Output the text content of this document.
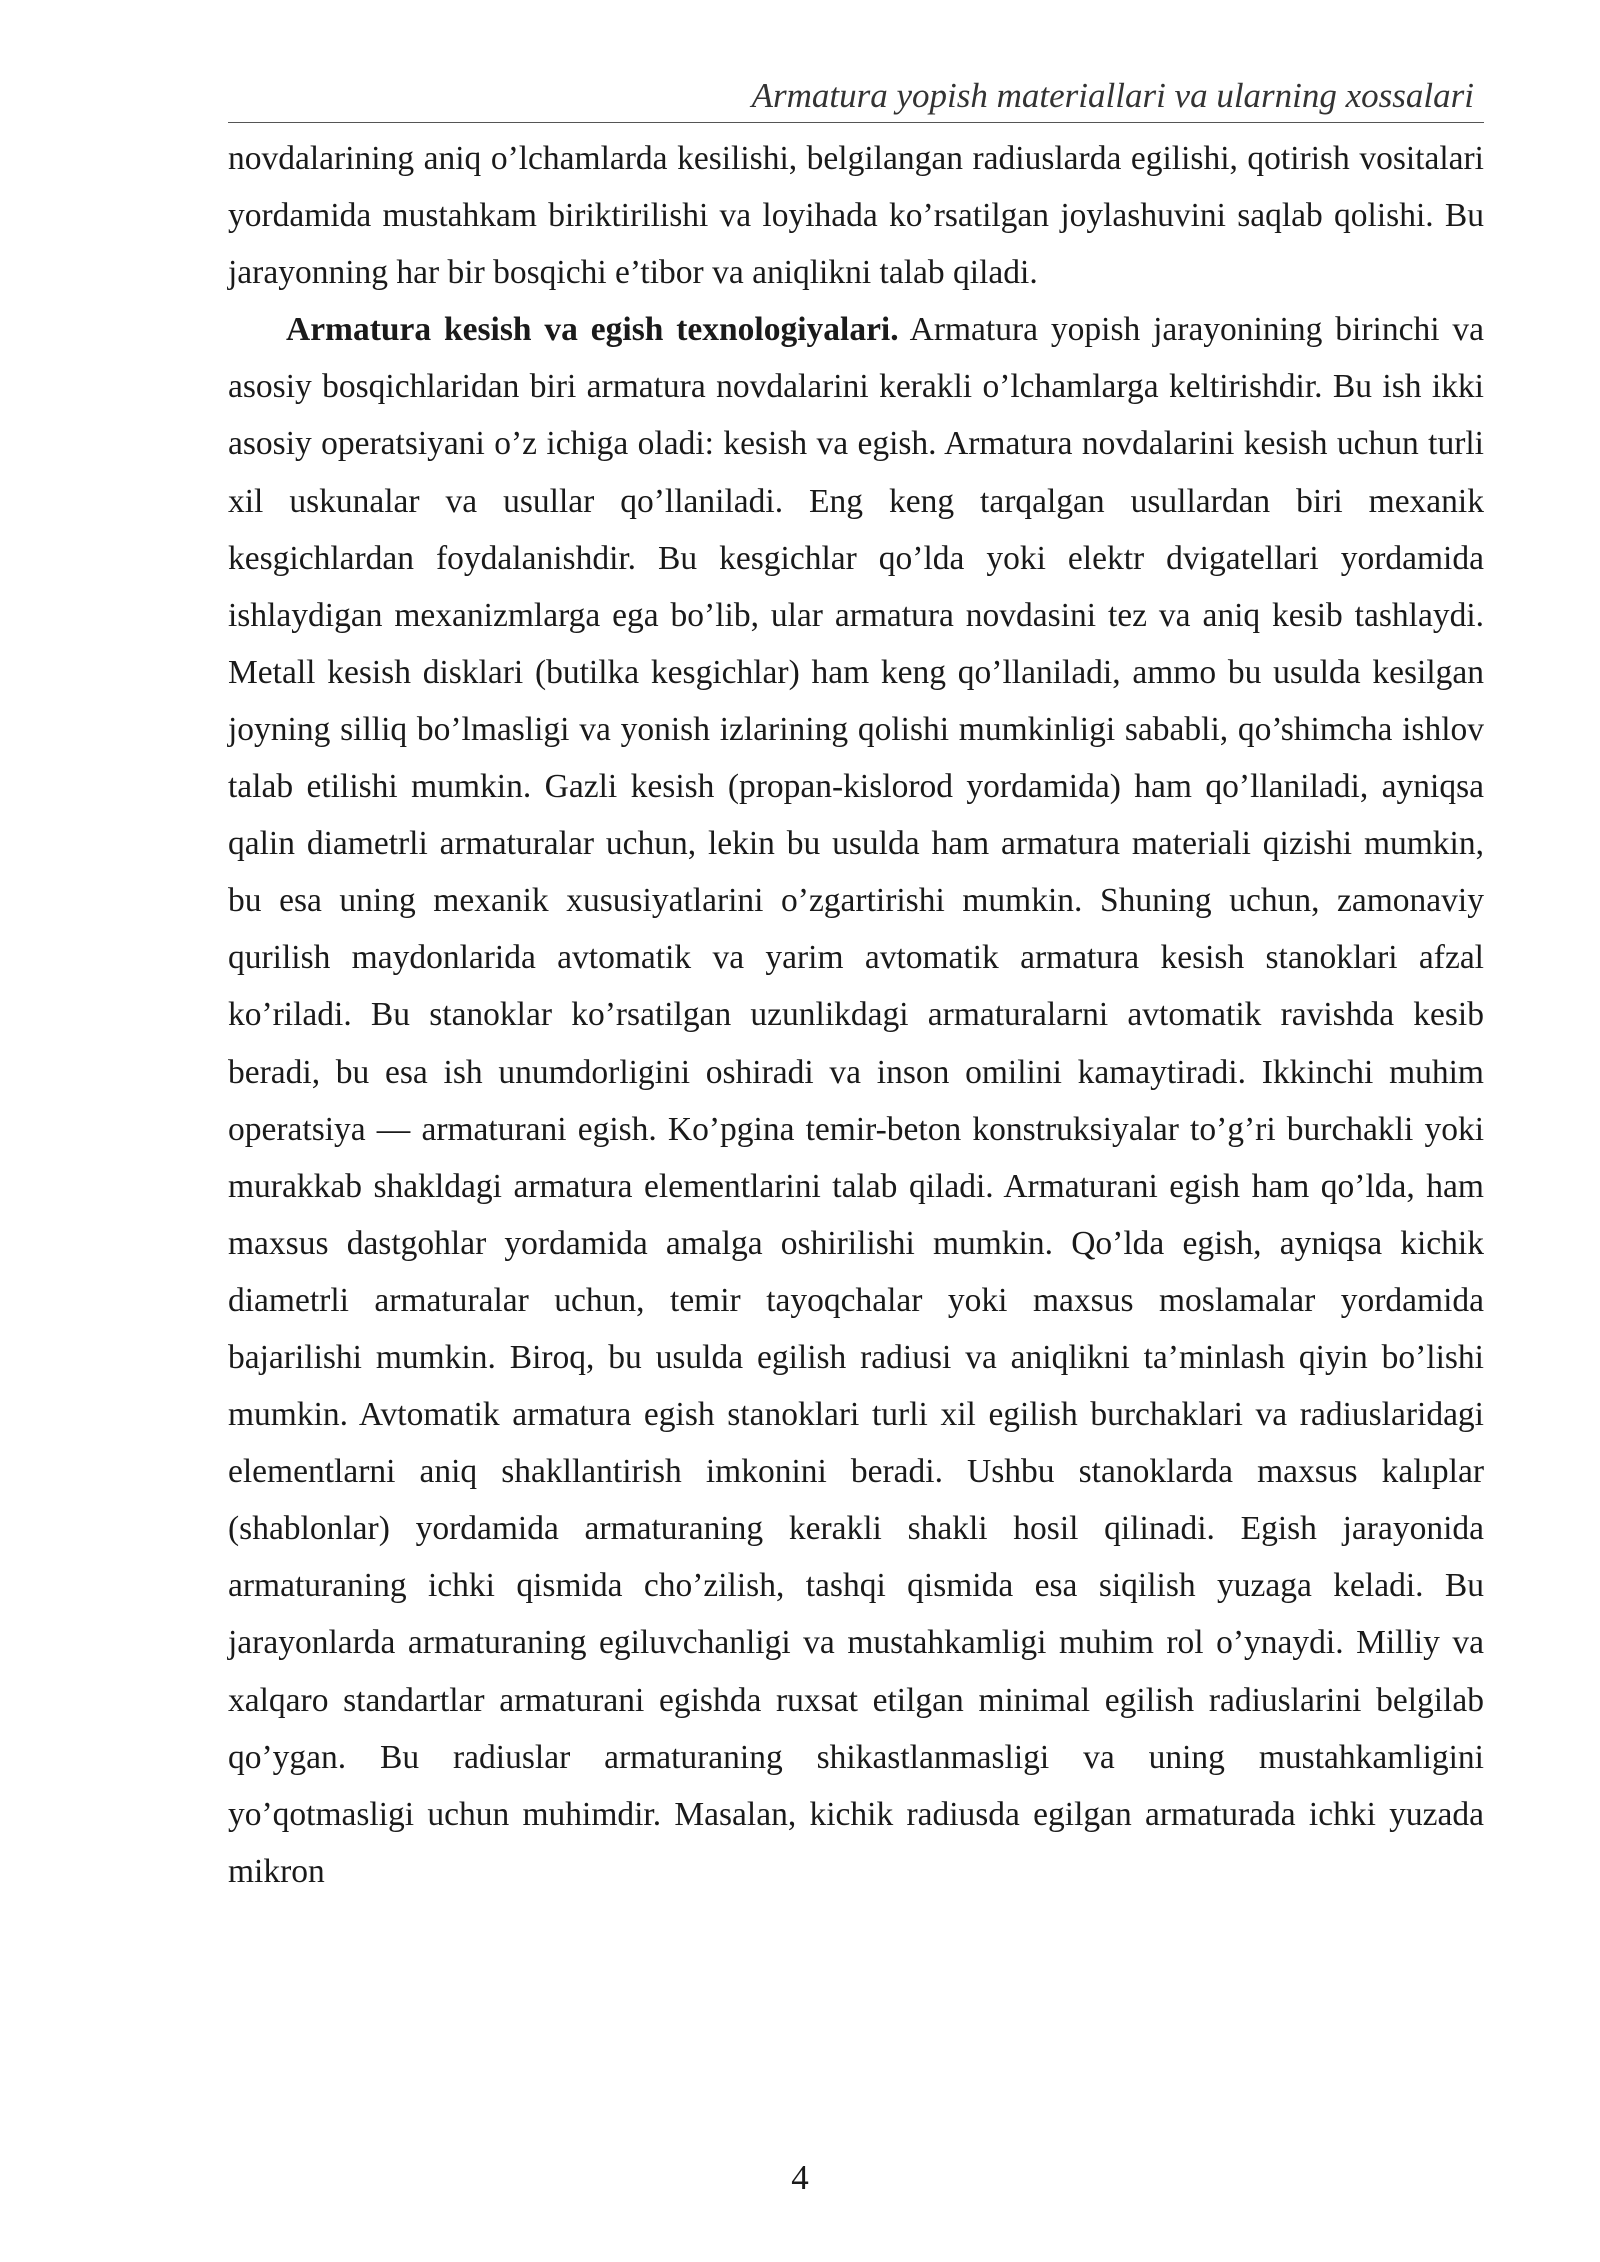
Armatura yopish materiallari va ularning xossalari

novdalarining aniq o’lchamlarda kesilishi, belgilangan radiuslarda egilishi, qotirish vositalari yordamida mustahkam biriktirilishi va loyihada ko’rsatilgan joylashuvini saqlab qolishi. Bu jarayonning har bir bosqichi e’tibor va aniqlikni talab qiladi.

Armatura kesish va egish texnologiyalari. Armatura yopish jarayonining birinchi va asosiy bosqichlaridan biri armatura novdalarini kerakli o’lchamlarga keltirishdir. Bu ish ikki asosiy operatsiyani o’z ichiga oladi: kesish va egish. Armatura novdalarini kesish uchun turli xil uskunalar va usullar qo’llaniladi. Eng keng tarqalgan usullardan biri mexanik kesgichlardan foydalanishdir. Bu kesgichlar qo’lda yoki elektr dvigatellari yordamida ishlaydigan mexanizmlarga ega bo’lib, ular armatura novdasini tez va aniq kesib tashlaydi. Metall kesish disklari (butilka kesgichlar) ham keng qo’llaniladi, ammo bu usulda kesilgan joyning silliq bo’lmasligi va yonish izlarining qolishi mumkinligi sababli, qo’shimcha ishlov talab etilishi mumkin. Gazli kesish (propan-kislorod yordamida) ham qo’llaniladi, ayniqsa qalin diametrli armaturalar uchun, lekin bu usulda ham armatura materiali qizishi mumkin, bu esa uning mexanik xususiyatlarini o’zgartirishi mumkin. Shuning uchun, zamonaviy qurilish maydonlarida avtomatik va yarim avtomatik armatura kesish stanoklari afzal ko’riladi. Bu stanoklar ko’rsatilgan uzunlikdagi armaturalarni avtomatik ravishda kesib beradi, bu esa ish unumdorligini oshiradi va inson omilini kamaytiradi. Ikkinchi muhim operatsiya — armaturani egish. Ko’pgina temir-beton konstruksiyalar to’g’ri burchakli yoki murakkab shakldagi armatura elementlarini talab qiladi. Armaturani egish ham qo’lda, ham maxsus dastgohlar yordamida amalga oshirilishi mumkin. Qo’lda egish, ayniqsa kichik diametrli armaturalar uchun, temir tayoqchalar yoki maxsus moslamalar yordamida bajarilishi mumkin. Biroq, bu usulda egilish radiusi va aniqlikni ta’minlash qiyin bo’lishi mumkin. Avtomatik armatura egish stanoklari turli xil egilish burchaklari va radiuslaridagi elementlarni aniq shakllantirish imkonini beradi. Ushbu stanoklarda maxsus kalıplar (shablonlar) yordamida armaturaning kerakli shakli hosil qilinadi. Egish jarayonida armaturaning ichki qismida cho’zilish, tashqi qismida esa siqilish yuzaga keladi. Bu jarayonlarda armaturaning egiluvchanligi va mustahkamligi muhim rol o’ynaydi. Milliy va xalqaro standartlar armaturani egishda ruxsat etilgan minimal egilish radiuslarini belgilab qo’ygan. Bu radiuslar armaturaning shikastlanmasligi va uning mustahkamligini yo’qotmasligi uchun muhimdir. Masalan, kichik radiusda egilgan armaturada ichki yuzada mikron

4
